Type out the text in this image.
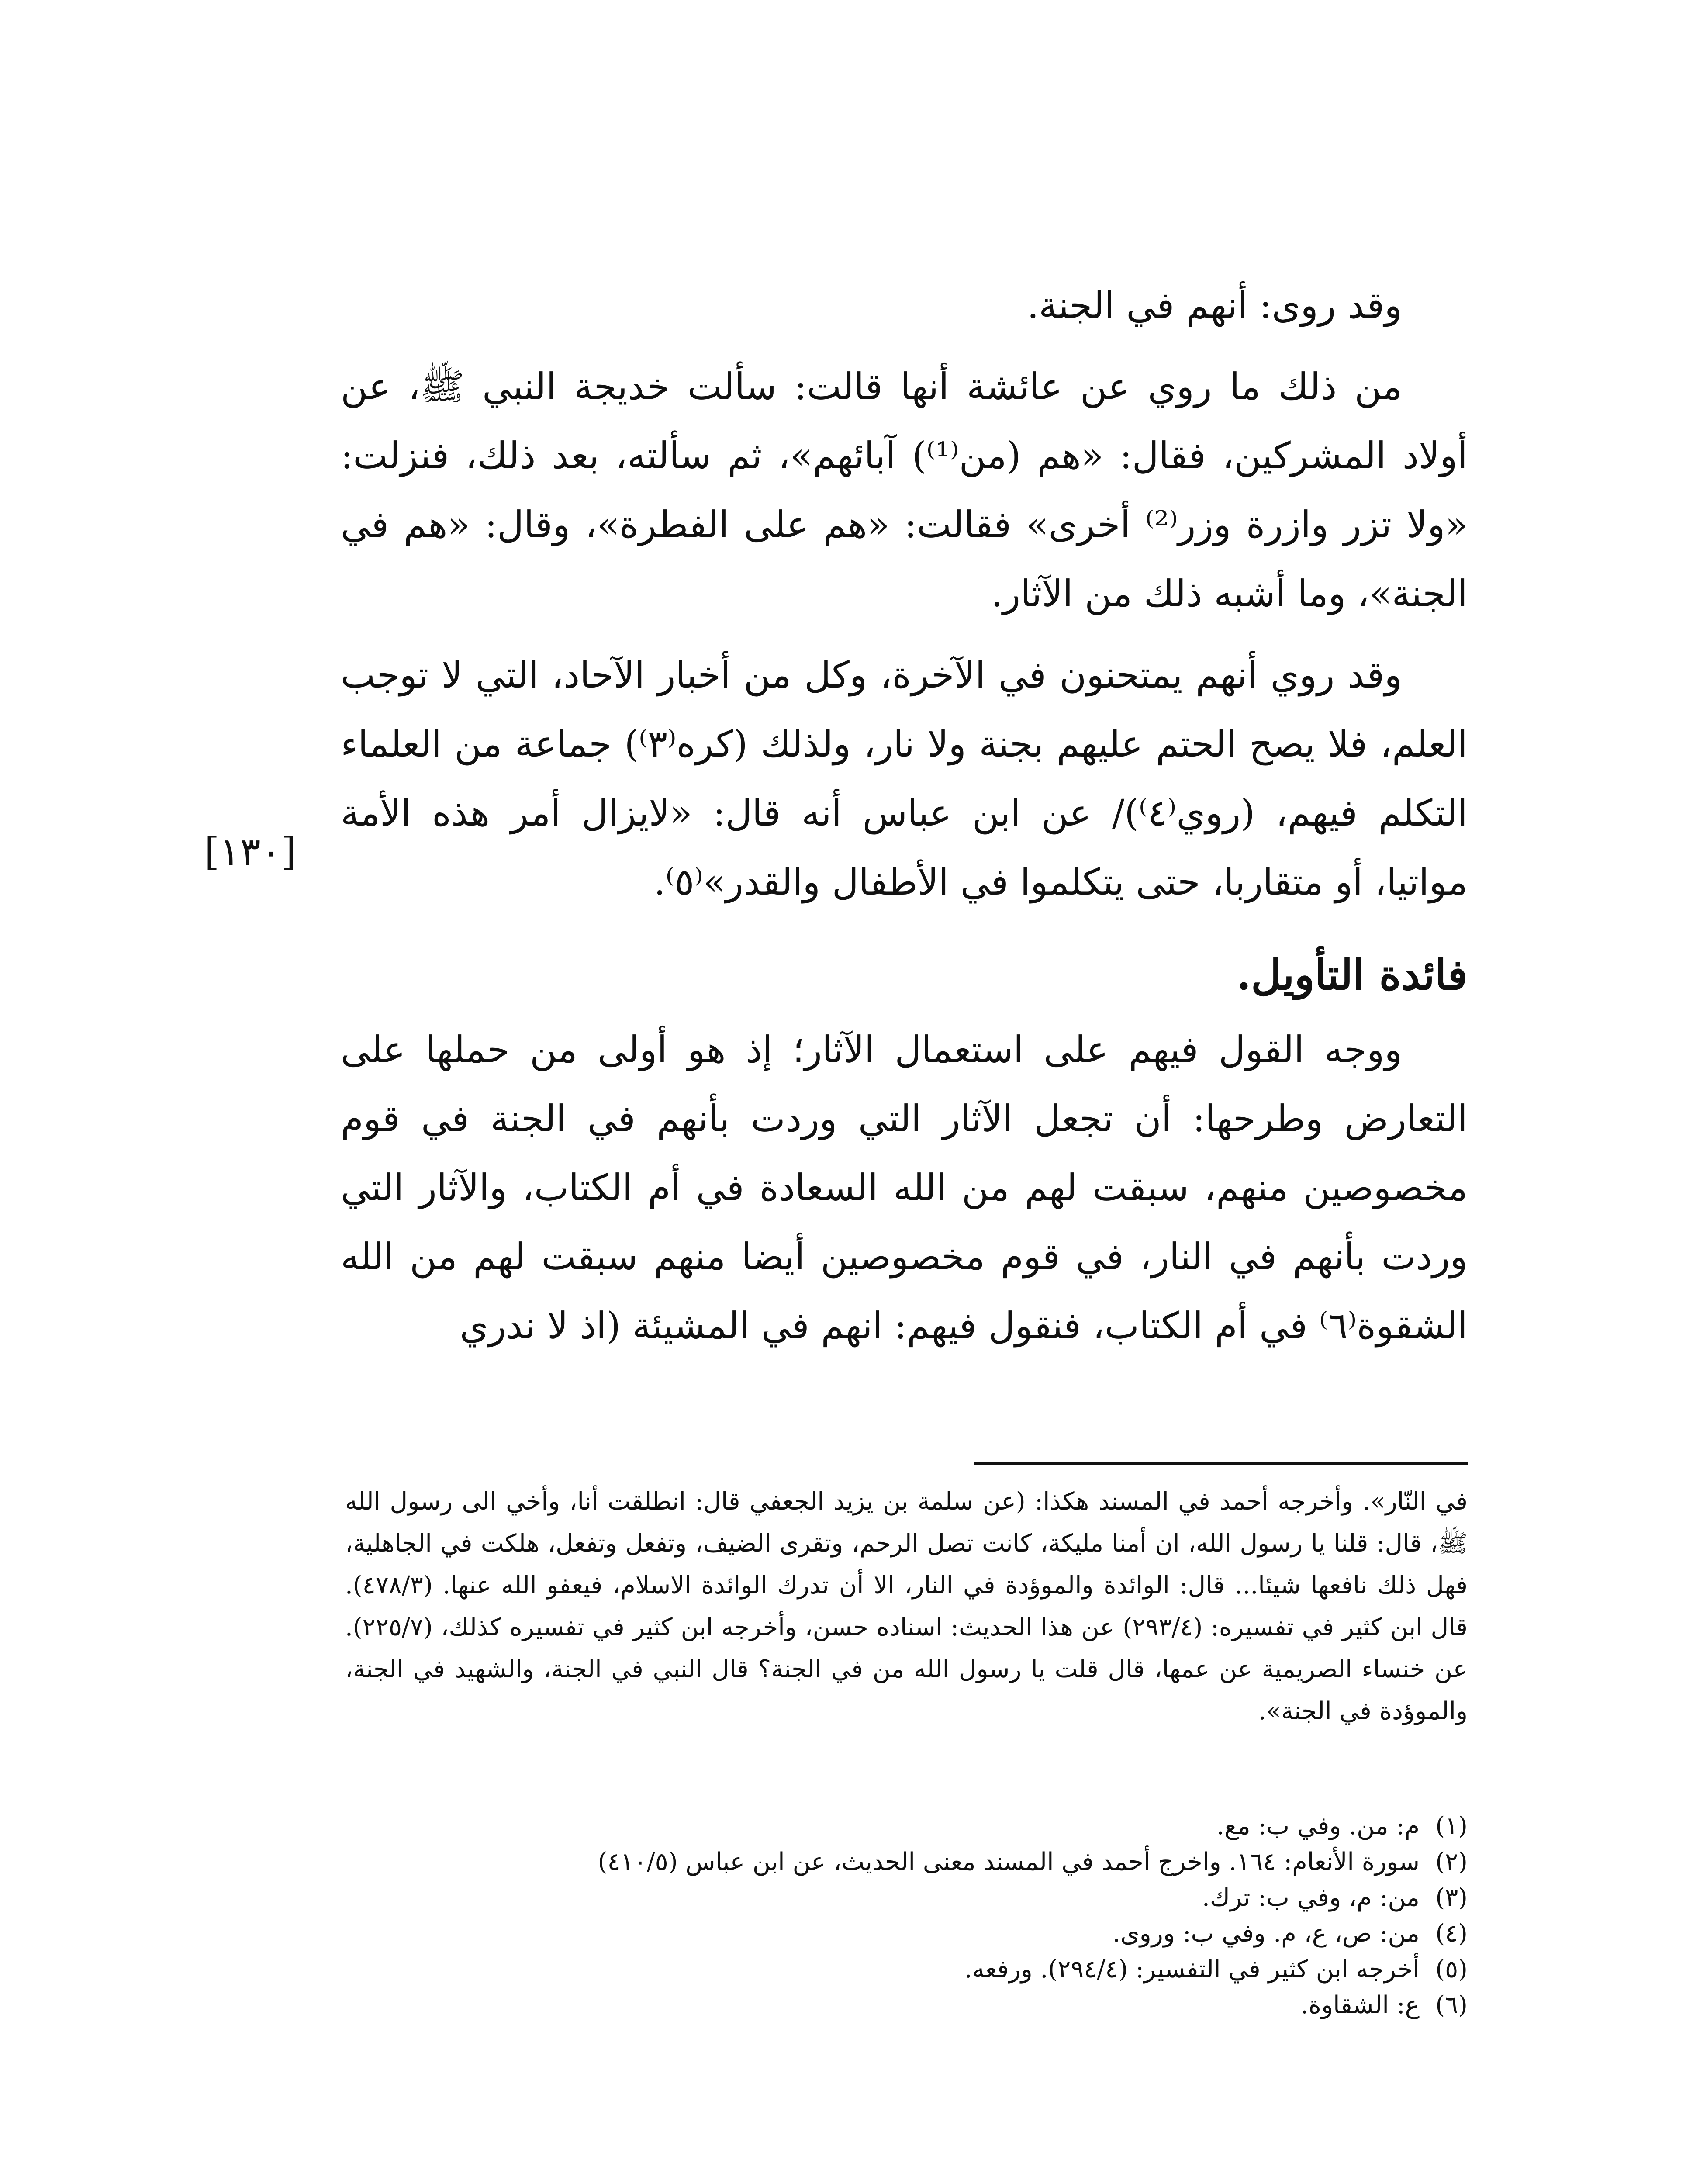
وقد روى: أنهم في الجنة.

من ذلك ما روي عن عائشة أنها قالت: سألت خديجة النبي ﷺ، عن أولاد المشركين، فقال: «هم (من⁽¹⁾) آبائهم»، ثم سألته، بعد ذلك، فنزلت: «ولا تزر وازرة وزر⁽²⁾ أخرى» فقالت: «هم على الفطرة»، وقال: «هم في الجنة»، وما أشبه ذلك من الآثار.

وقد روي أنهم يمتحنون في الآخرة، وكل من أخبار الآحاد، التي لا توجب العلم، فلا يصح الحتم عليهم بجنة ولا نار، ولذلك (كره⁽٣⁾) جماعة من العلماء التكلم فيهم، (روي⁽٤⁾)/ عن ابن عباس أنه قال: «لايزال أمر هذه الأمة مواتيا، أو متقاربا، حتى يتكلموا في الأطفال والقدر»⁽٥⁾.

فائدة التأويل.

ووجه القول فيهم على استعمال الآثار؛ إذ هو أولى من حملها على التعارض وطرحها: أن تجعل الآثار التي وردت بأنهم في الجنة في قوم مخصوصين منهم، سبقت لهم من الله السعادة في أم الكتاب، والآثار التي وردت بأنهم في النار، في قوم مخصوصين أيضا منهم سبقت لهم من الله الشقوة⁽٦⁾ في أم الكتاب، فنقول فيهم: انهم في المشيئة (اذ لا ندري

[١٣٠]

في النّار». وأخرجه أحمد في المسند هكذا: (عن سلمة بن يزيد الجعفي قال: انطلقت أنا، وأخي الى رسول الله ﷺ، قال: قلنا يا رسول الله، ان أمنا مليكة، كانت تصل الرحم، وتقرى الضيف، وتفعل وتفعل، هلكت في الجاهلية، فهل ذلك نافعها شيئا... قال: الوائدة والموؤدة في النار، الا أن تدرك الوائدة الاسلام، فيعفو الله عنها. (٤٧٨/٣). قال ابن كثير في تفسيره: (٢٩٣/٤) عن هذا الحديث: اسناده حسن، وأخرجه ابن كثير في تفسيره كذلك، (٢٢٥/٧). عن خنساء الصريمية عن عمها، قال قلت يا رسول الله من في الجنة؟ قال النبي في الجنة، والشهيد في الجنة، والموؤدة في الجنة».

(١)
م: من. وفي ب: مع.
(٢)
سورة الأنعام: ١٦٤. واخرج أحمد في المسند معنى الحديث، عن ابن عباس (٤١٠/٥)
(٣)
من: م، وفي ب: ترك.
(٤)
من: ص، ع، م. وفي ب: وروى.
(٥)
أخرجه ابن كثير في التفسير: (٢٩٤/٤). ورفعه.
(٦)
ع: الشقاوة.
